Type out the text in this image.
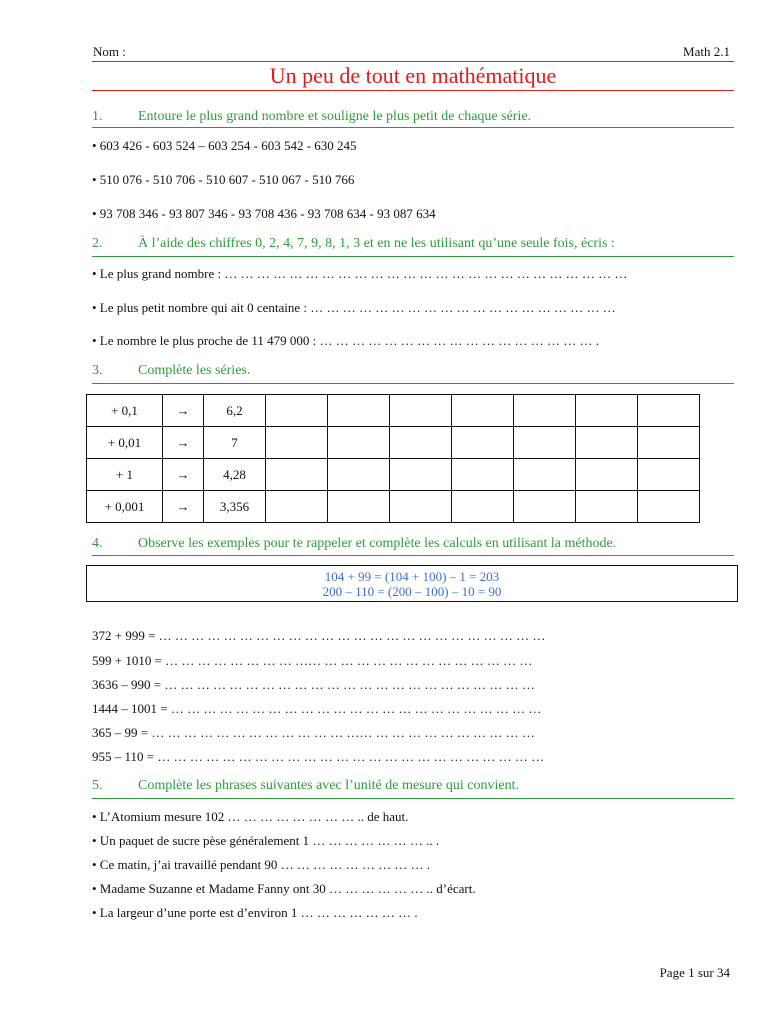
Nom :	Math 2.1
Un peu de tout en mathématique
1.	Entoure le plus grand nombre et souligne le plus petit de chaque série.
• 603 426 - 603 524 – 603 254 - 603 542 - 630 245
• 510 076 - 510 706 - 510 607 - 510 067 - 510 766
• 93 708 346 - 93 807 346 - 93 708 436 - 93 708 634 - 93 087 634
2.	À l’aide des chiffres 0, 2, 4, 7, 9, 8, 1, 3 et en ne les utilisant qu’une seule fois, écris :
• Le plus grand nombre : … … … … … … … … … … … … … … … … … … … … … … … … …
• Le plus petit nombre qui ait 0 centaine : … … … … … … … … … … … … … … … … … … …
• Le nombre le plus proche de 11 479 000 : … … … … … … … … … … … … … … … … … .
3.	Complète les séries.
+ 0,1	→	6,2							
+ 0,01	→	7							
+ 1	→	4,28							
+ 0,001	→	3,356							
4.	Observe les exemples pour te rappeler et complète les calculs en utilisant la méthode.
104 + 99 = (104 + 100) – 1 = 203
200 – 110 = (200 – 100) – 10 = 90
372 + 999 = … … … … … … … … … … … … … … … … … … … … … … … …
599 + 1010 = … … … … … … … … …… … … … … … … … … … … … … …
3636 – 990 = … … … … … … … … … … … … … … … … … … … … … … …
1444 – 1001 = … … … … … … … … … … … … … … … … … … … … … … …
365 – 99 = … … … … … … … … … … … … …… … … … … … … … … … …
955 – 110 = … … … … … … … … … … … … … … … … … … … … … … … …
5.	Complète les phrases suivantes avec l’unité de mesure qui convient.
• L’Atomium mesure 102 … … … … … … … … .. de haut.
• Un paquet de sucre pèse généralement 1 … … … … … … … .. .
• Ce matin, j’ai travaillé pendant 90 … … … … … … … … … .
• Madame Suzanne et Madame Fanny ont 30 … … … … … … .. d’écart.
• La largeur d’une porte est d’environ 1 … … … … … … … .
Page 1 sur 34
